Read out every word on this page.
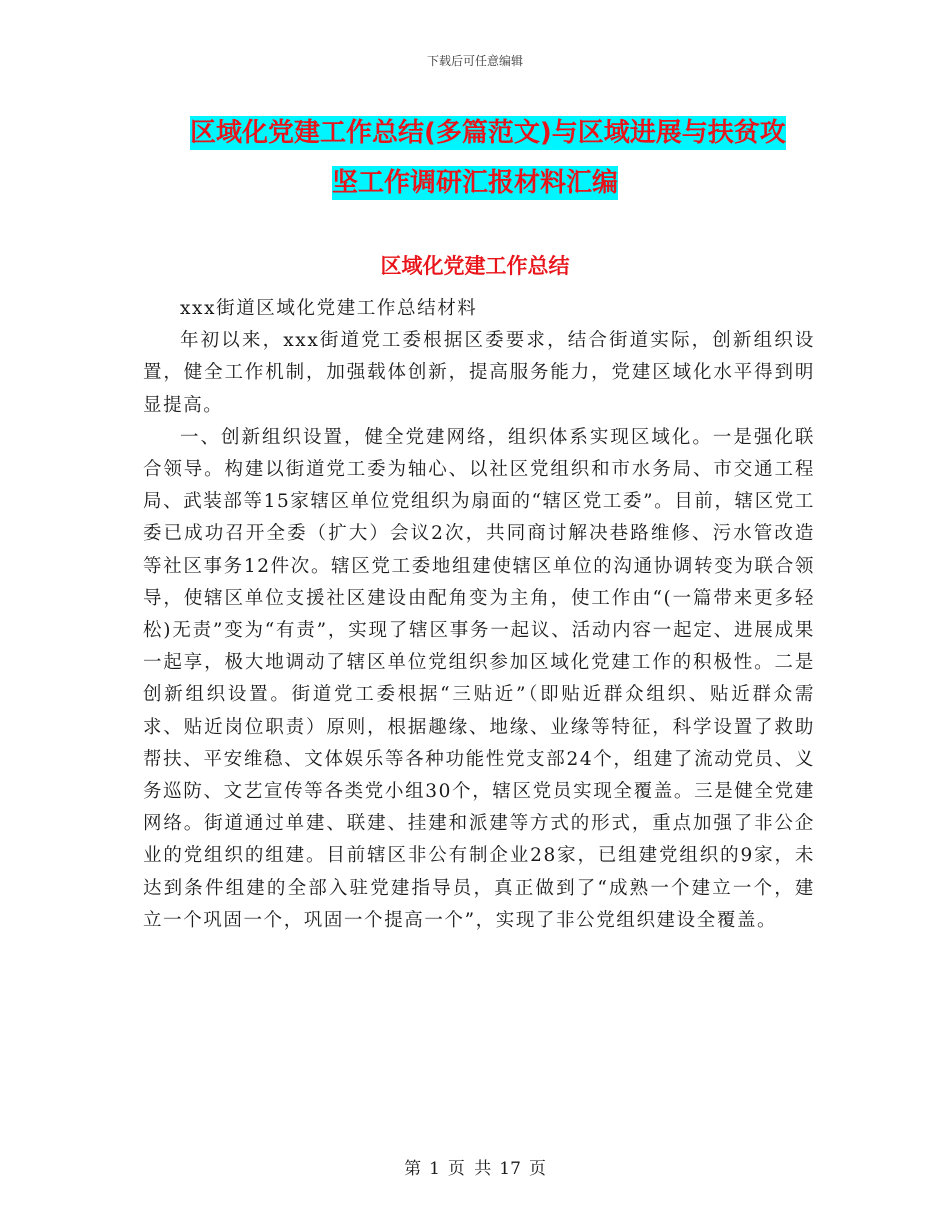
下载后可任意编辑
区域化党建工作总结(多篇范文)与区域进展与扶贫攻
坚工作调研汇报材料汇编
区域化党建工作总结

xxx街道区域化党建工作总结材料

年初以来，xxx街道党工委根据区委要求，结合街道实际，创新组织设置，健全工作机制，加强载体创新，提高服务能力，党建区域化水平得到明显提高。

一、创新组织设置，健全党建网络，组织体系实现区域化。一是强化联合领导。构建以街道党工委为轴心、以社区党组织和市水务局、市交通工程局、武装部等15家辖区单位党组织为扇面的“辖区党工委”。目前，辖区党工委已成功召开全委（扩大）会议2次，共同商讨解决巷路维修、污水管改造等社区事务12件次。辖区党工委地组建使辖区单位的沟通协调转变为联合领导，使辖区单位支援社区建设由配角变为主角，使工作由“(一篇带来更多轻松)无责”变为“有责”，实现了辖区事务一起议、活动内容一起定、进展成果一起享，极大地调动了辖区单位党组织参加区域化党建工作的积极性。二是创新组织设置。街道党工委根据“三贴近”（即贴近群众组织、贴近群众需求、贴近岗位职责）原则，根据趣缘、地缘、业缘等特征，科学设置了救助帮扶、平安维稳、文体娱乐等各种功能性党支部24个，组建了流动党员、义务巡防、文艺宣传等各类党小组30个，辖区党员实现全覆盖。三是健全党建网络。街道通过单建、联建、挂建和派建等方式的形式，重点加强了非公企业的党组织的组建。目前辖区非公有制企业28家，已组建党组织的9家，未达到条件组建的全部入驻党建指导员，真正做到了“成熟一个建立一个，建立一个巩固一个，巩固一个提高一个”，实现了非公党组织建设全覆盖。

第 1 页 共 17 页
